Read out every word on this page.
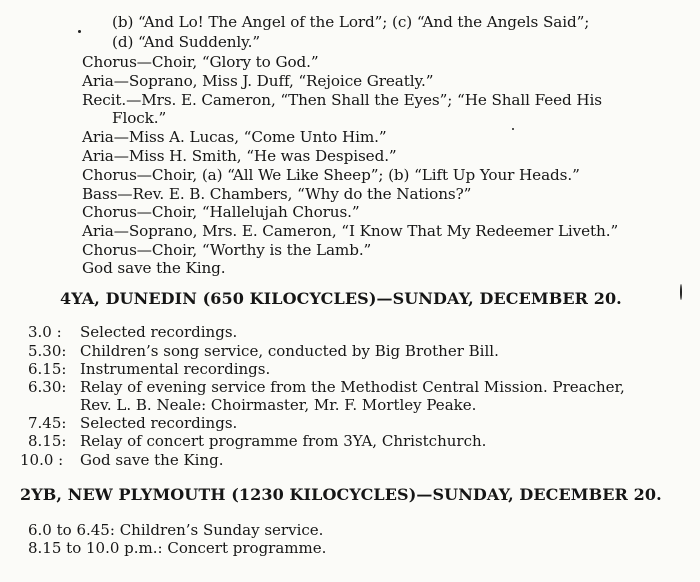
(b) “And Lo! The Angel of the Lord”; (c) “And the Angels Said”;
(d) “And Suddenly.”
Chorus—Choir, “Glory to God.”
Aria—Soprano, Miss J. Duff, “Rejoice Greatly.”
Recit.—Mrs. E. Cameron, “Then Shall the Eyes”; “He Shall Feed His
Flock.”
Aria—Miss A. Lucas, “Come Unto Him.”
Aria—Miss H. Smith, “He was Despised.”
Chorus—Choir, (a) “All We Like Sheep”; (b) “Lift Up Your Heads.”
Bass—Rev. E. B. Chambers, “Why do the Nations?”
Chorus—Choir, “Hallelujah Chorus.”
Aria—Soprano, Mrs. E. Cameron, “I Know That My Redeemer Liveth.”
Chorus—Choir, “Worthy is the Lamb.”
God save the King.
4YA, DUNEDIN (650 KILOCYCLES)—SUNDAY, DECEMBER 20.
3.0 : Selected recordings.
5.30: Children’s song service, conducted by Big Brother Bill.
6.15: Instrumental recordings.
6.30: Relay of evening service from the Methodist Central Mission. Preacher,
Rev. L. B. Neale: Choirmaster, Mr. F. Mortley Peake.
7.45: Selected recordings.
8.15: Relay of concert programme from 3YA, Christchurch.
10.0 : God save the King.
2YB, NEW PLYMOUTH (1230 KILOCYCLES)—SUNDAY, DECEMBER 20.
6.0 to 6.45: Children’s Sunday service.
8.15 to 10.0 p.m.: Concert programme.
